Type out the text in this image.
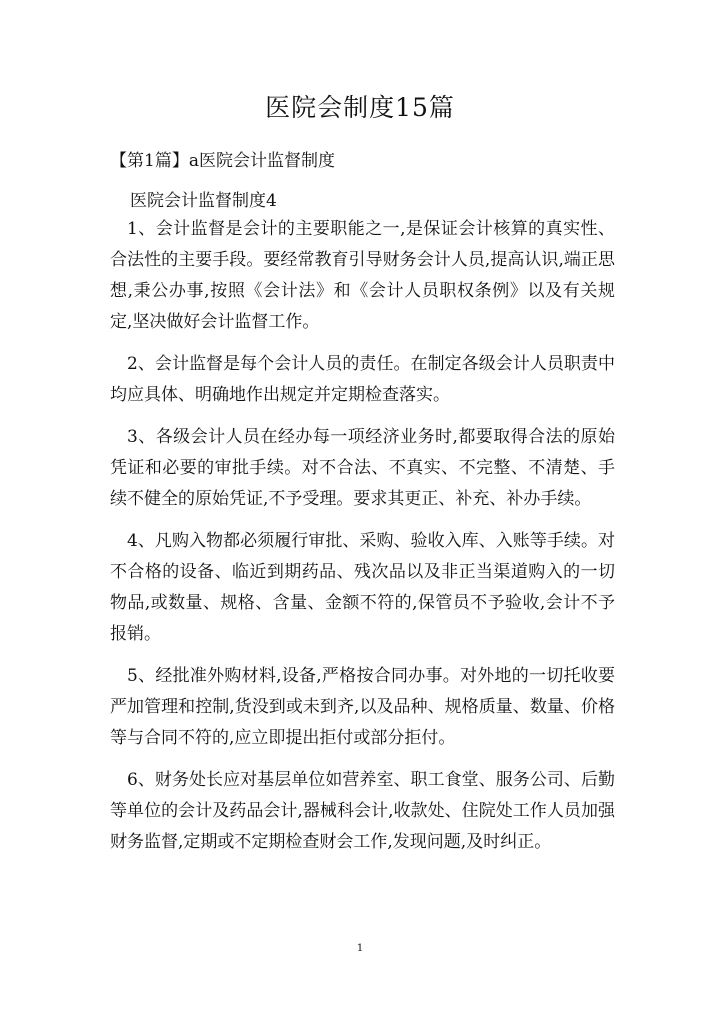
医院会制度15篇
【第1篇】a医院会计监督制度
医院会计监督制度4

1、会计监督是会计的主要职能之一,是保证会计核算的真实性、合法性的主要手段。要经常教育引导财务会计人员,提高认识,端正思想,秉公办事,按照《会计法》和《会计人员职权条例》以及有关规定,坚决做好会计监督工作。

2、会计监督是每个会计人员的责任。在制定各级会计人员职责中均应具体、明确地作出规定并定期检查落实。

3、各级会计人员在经办每一项经济业务时,都要取得合法的原始凭证和必要的审批手续。对不合法、不真实、不完整、不清楚、手续不健全的原始凭证,不予受理。要求其更正、补充、补办手续。

4、凡购入物都必须履行审批、采购、验收入库、入账等手续。对不合格的设备、临近到期药品、残次品以及非正当渠道购入的一切物品,或数量、规格、含量、金额不符的,保管员不予验收,会计不予报销。

5、经批准外购材料,设备,严格按合同办事。对外地的一切托收要严加管理和控制,货没到或未到齐,以及品种、规格质量、数量、价格等与合同不符的,应立即提出拒付或部分拒付。

6、财务处长应对基层单位如营养室、职工食堂、服务公司、后勤等单位的会计及药品会计,器械科会计,收款处、住院处工作人员加强财务监督,定期或不定期检查财会工作,发现问题,及时纠正。

1
